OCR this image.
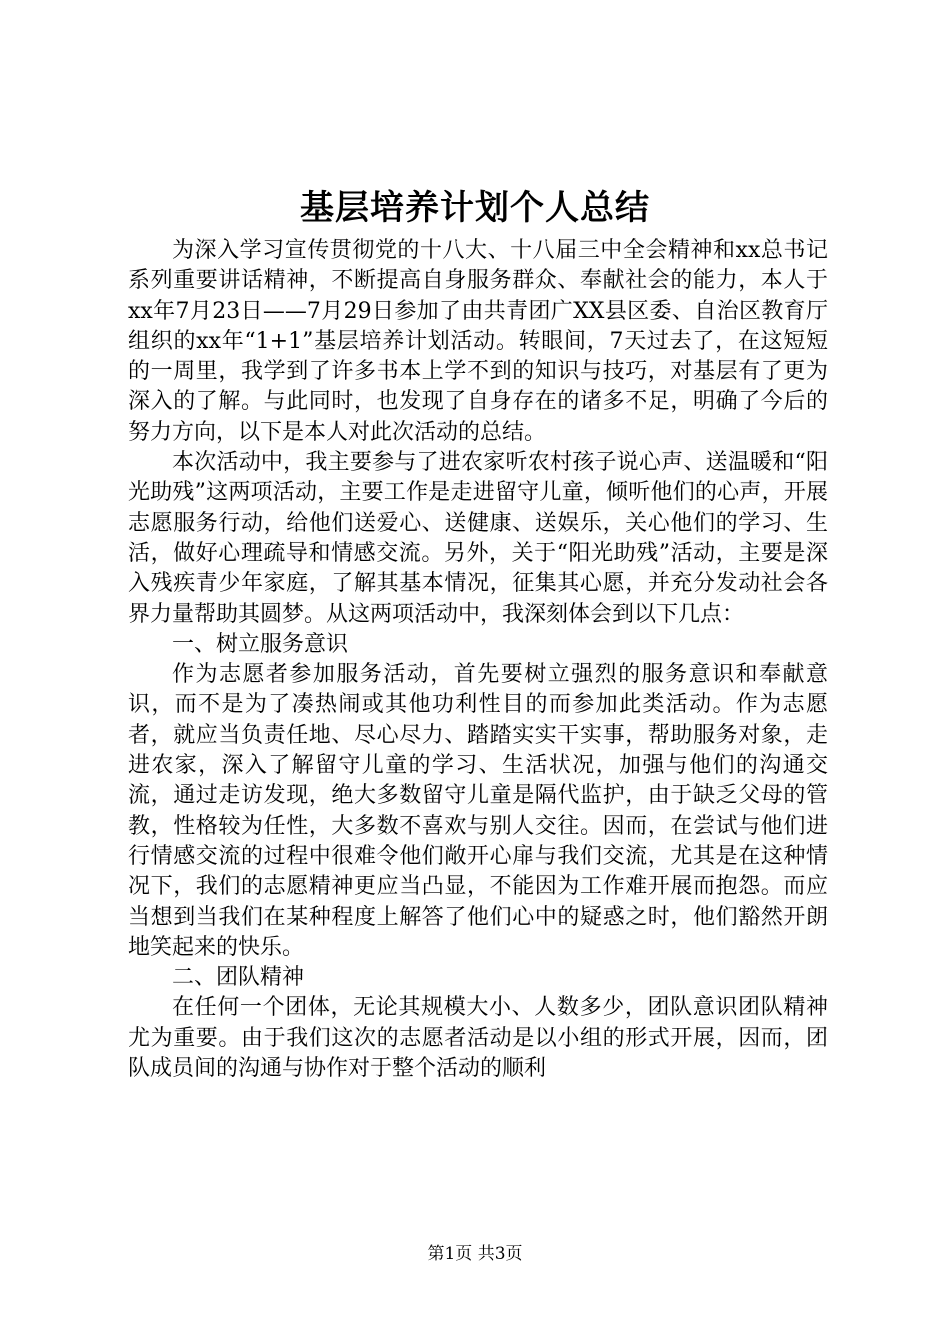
基层培养计划个人总结

为深入学习宣传贯彻党的十八大、十八届三中全会精神和xx总书记系列重要讲话精神，不断提高自身服务群众、奉献社会的能力，本人于xx年7月23日——7月29日参加了由共青团广XX县区委、自治区教育厅组织的xx年“1+1”基层培养计划活动。转眼间，7天过去了，在这短短的一周里，我学到了许多书本上学不到的知识与技巧，对基层有了更为深入的了解。与此同时，也发现了自身存在的诸多不足，明确了今后的努力方向，以下是本人对此次活动的总结。

本次活动中，我主要参与了进农家听农村孩子说心声、送温暖和“阳光助残”这两项活动，主要工作是走进留守儿童，倾听他们的心声，开展志愿服务行动，给他们送爱心、送健康、送娱乐，关心他们的学习、生活，做好心理疏导和情感交流。另外，关于“阳光助残”活动，主要是深入残疾青少年家庭，了解其基本情况，征集其心愿，并充分发动社会各界力量帮助其圆梦。从这两项活动中，我深刻体会到以下几点：

一、树立服务意识

作为志愿者参加服务活动，首先要树立强烈的服务意识和奉献意识，而不是为了凑热闹或其他功利性目的而参加此类活动。作为志愿者，就应当负责任地、尽心尽力、踏踏实实干实事，帮助服务对象，走进农家，深入了解留守儿童的学习、生活状况，加强与他们的沟通交流，通过走访发现，绝大多数留守儿童是隔代监护，由于缺乏父母的管教，性格较为任性，大多数不喜欢与别人交往。因而，在尝试与他们进行情感交流的过程中很难令他们敞开心扉与我们交流，尤其是在这种情况下，我们的志愿精神更应当凸显，不能因为工作难开展而抱怨。而应当想到当我们在某种程度上解答了他们心中的疑惑之时，他们豁然开朗地笑起来的快乐。

二、团队精神

在任何一个团体，无论其规模大小、人数多少，团队意识团队精神尤为重要。由于我们这次的志愿者活动是以小组的形式开展，因而，团队成员间的沟通与协作对于整个活动的顺利

第1页 共3页
